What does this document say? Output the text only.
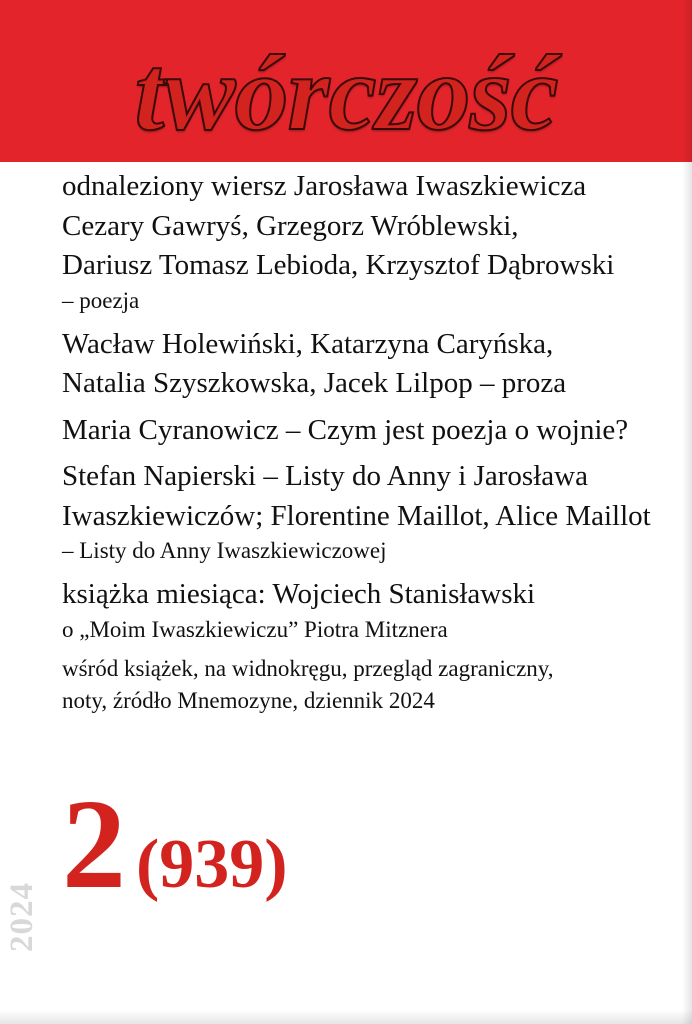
twórczość
2024

odnaleziony wiersz Jarosława Iwaszkiewicza

Cezary Gawryś, Grzegorz Wróblewski,

Dariusz Tomasz Lebioda, Krzysztof Dąbrowski

– poezja

Wacław Holewiński, Katarzyna Caryńska,

Natalia Szyszkowska, Jacek Lilpop – proza

Maria Cyranowicz – Czym jest poezja o wojnie?

Stefan Napierski – Listy do Anny i Jarosława

Iwaszkiewiczów; Florentine Maillot, Alice Maillot

– Listy do Anny Iwaszkiewiczowej

książka miesiąca: Wojciech Stanisławski

o „Moim Iwaszkiewiczu” Piotra Mitznera

wśród książek, na widnokręgu, przegląd zagraniczny,

noty, źródło Mnemozyne, dziennik 2024

2 (939)
